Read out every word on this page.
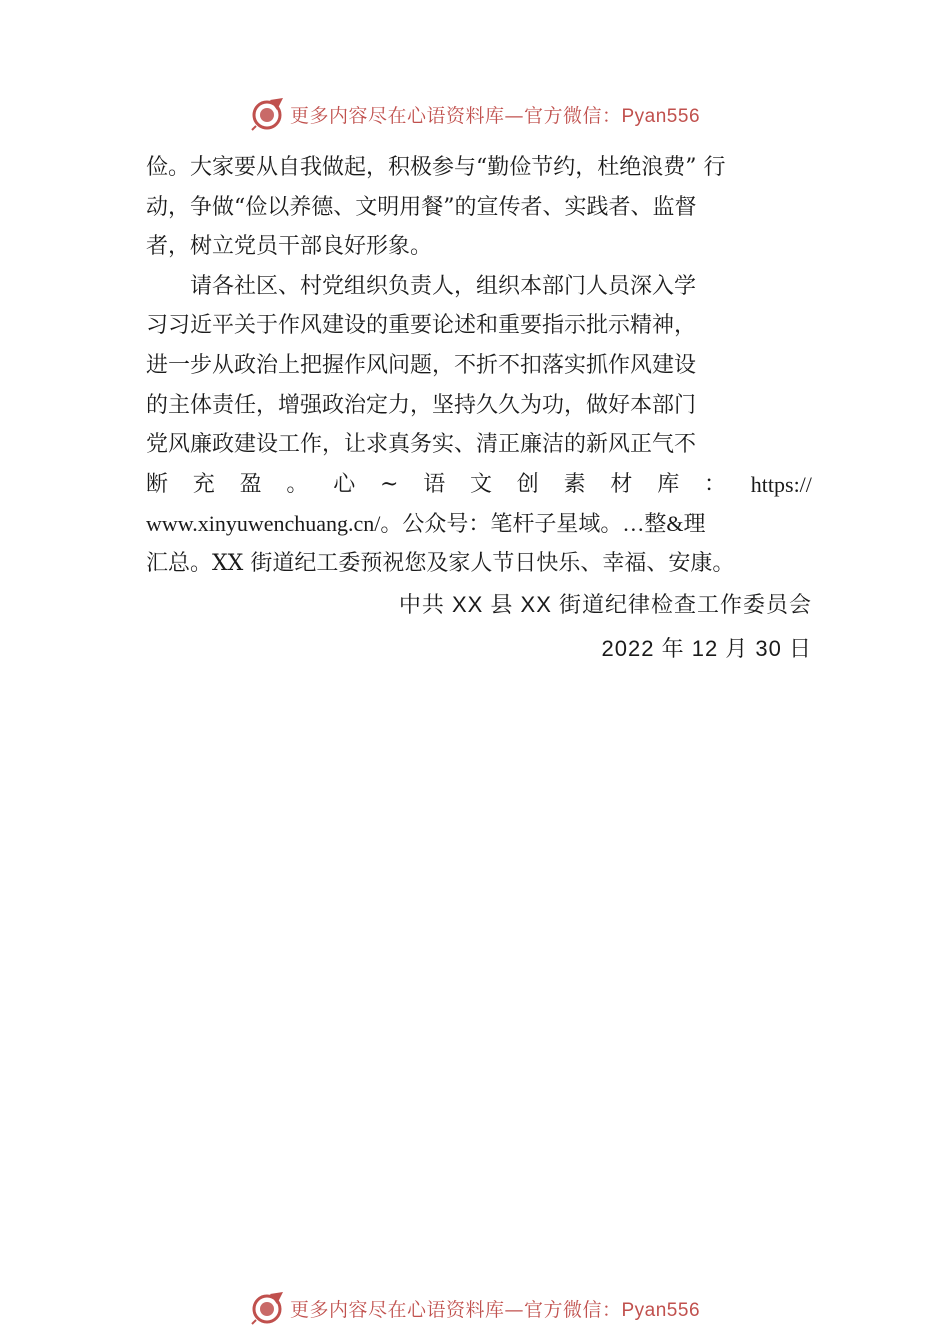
更多内容尽在心语资料库—官方微信：Pyan556
俭。大家要从自我做起，积极参与“勤俭节约，杜绝浪费” 行
动，争做“俭以养德、文明用餐”的宣传者、实践者、监督
者，树立党员干部良好形象。
请各社区、村党组织负责人，组织本部门人员深入学
习习近平关于作风建设的重要论述和重要指示批示精神，
进一步从政治上把握作风问题，不折不扣落实抓作风建设
的主体责任，增强政治定力，坚持久久为功，做好本部门
党风廉政建设工作，让求真务实、清正廉洁的新风正气不
断 充 盈 。 心 ~ 语 文 创 素 材 库 ： https://
www.xinyuwenchuang.cn/。公众号：笔杆子星域。…整&理
汇总。XX 街道纪工委预祝您及家人节日快乐、幸福、安康。
中共 XX 县 XX 街道纪律检查工作委员会
2022 年 12 月 30 日
更多内容尽在心语资料库—官方微信：Pyan556
